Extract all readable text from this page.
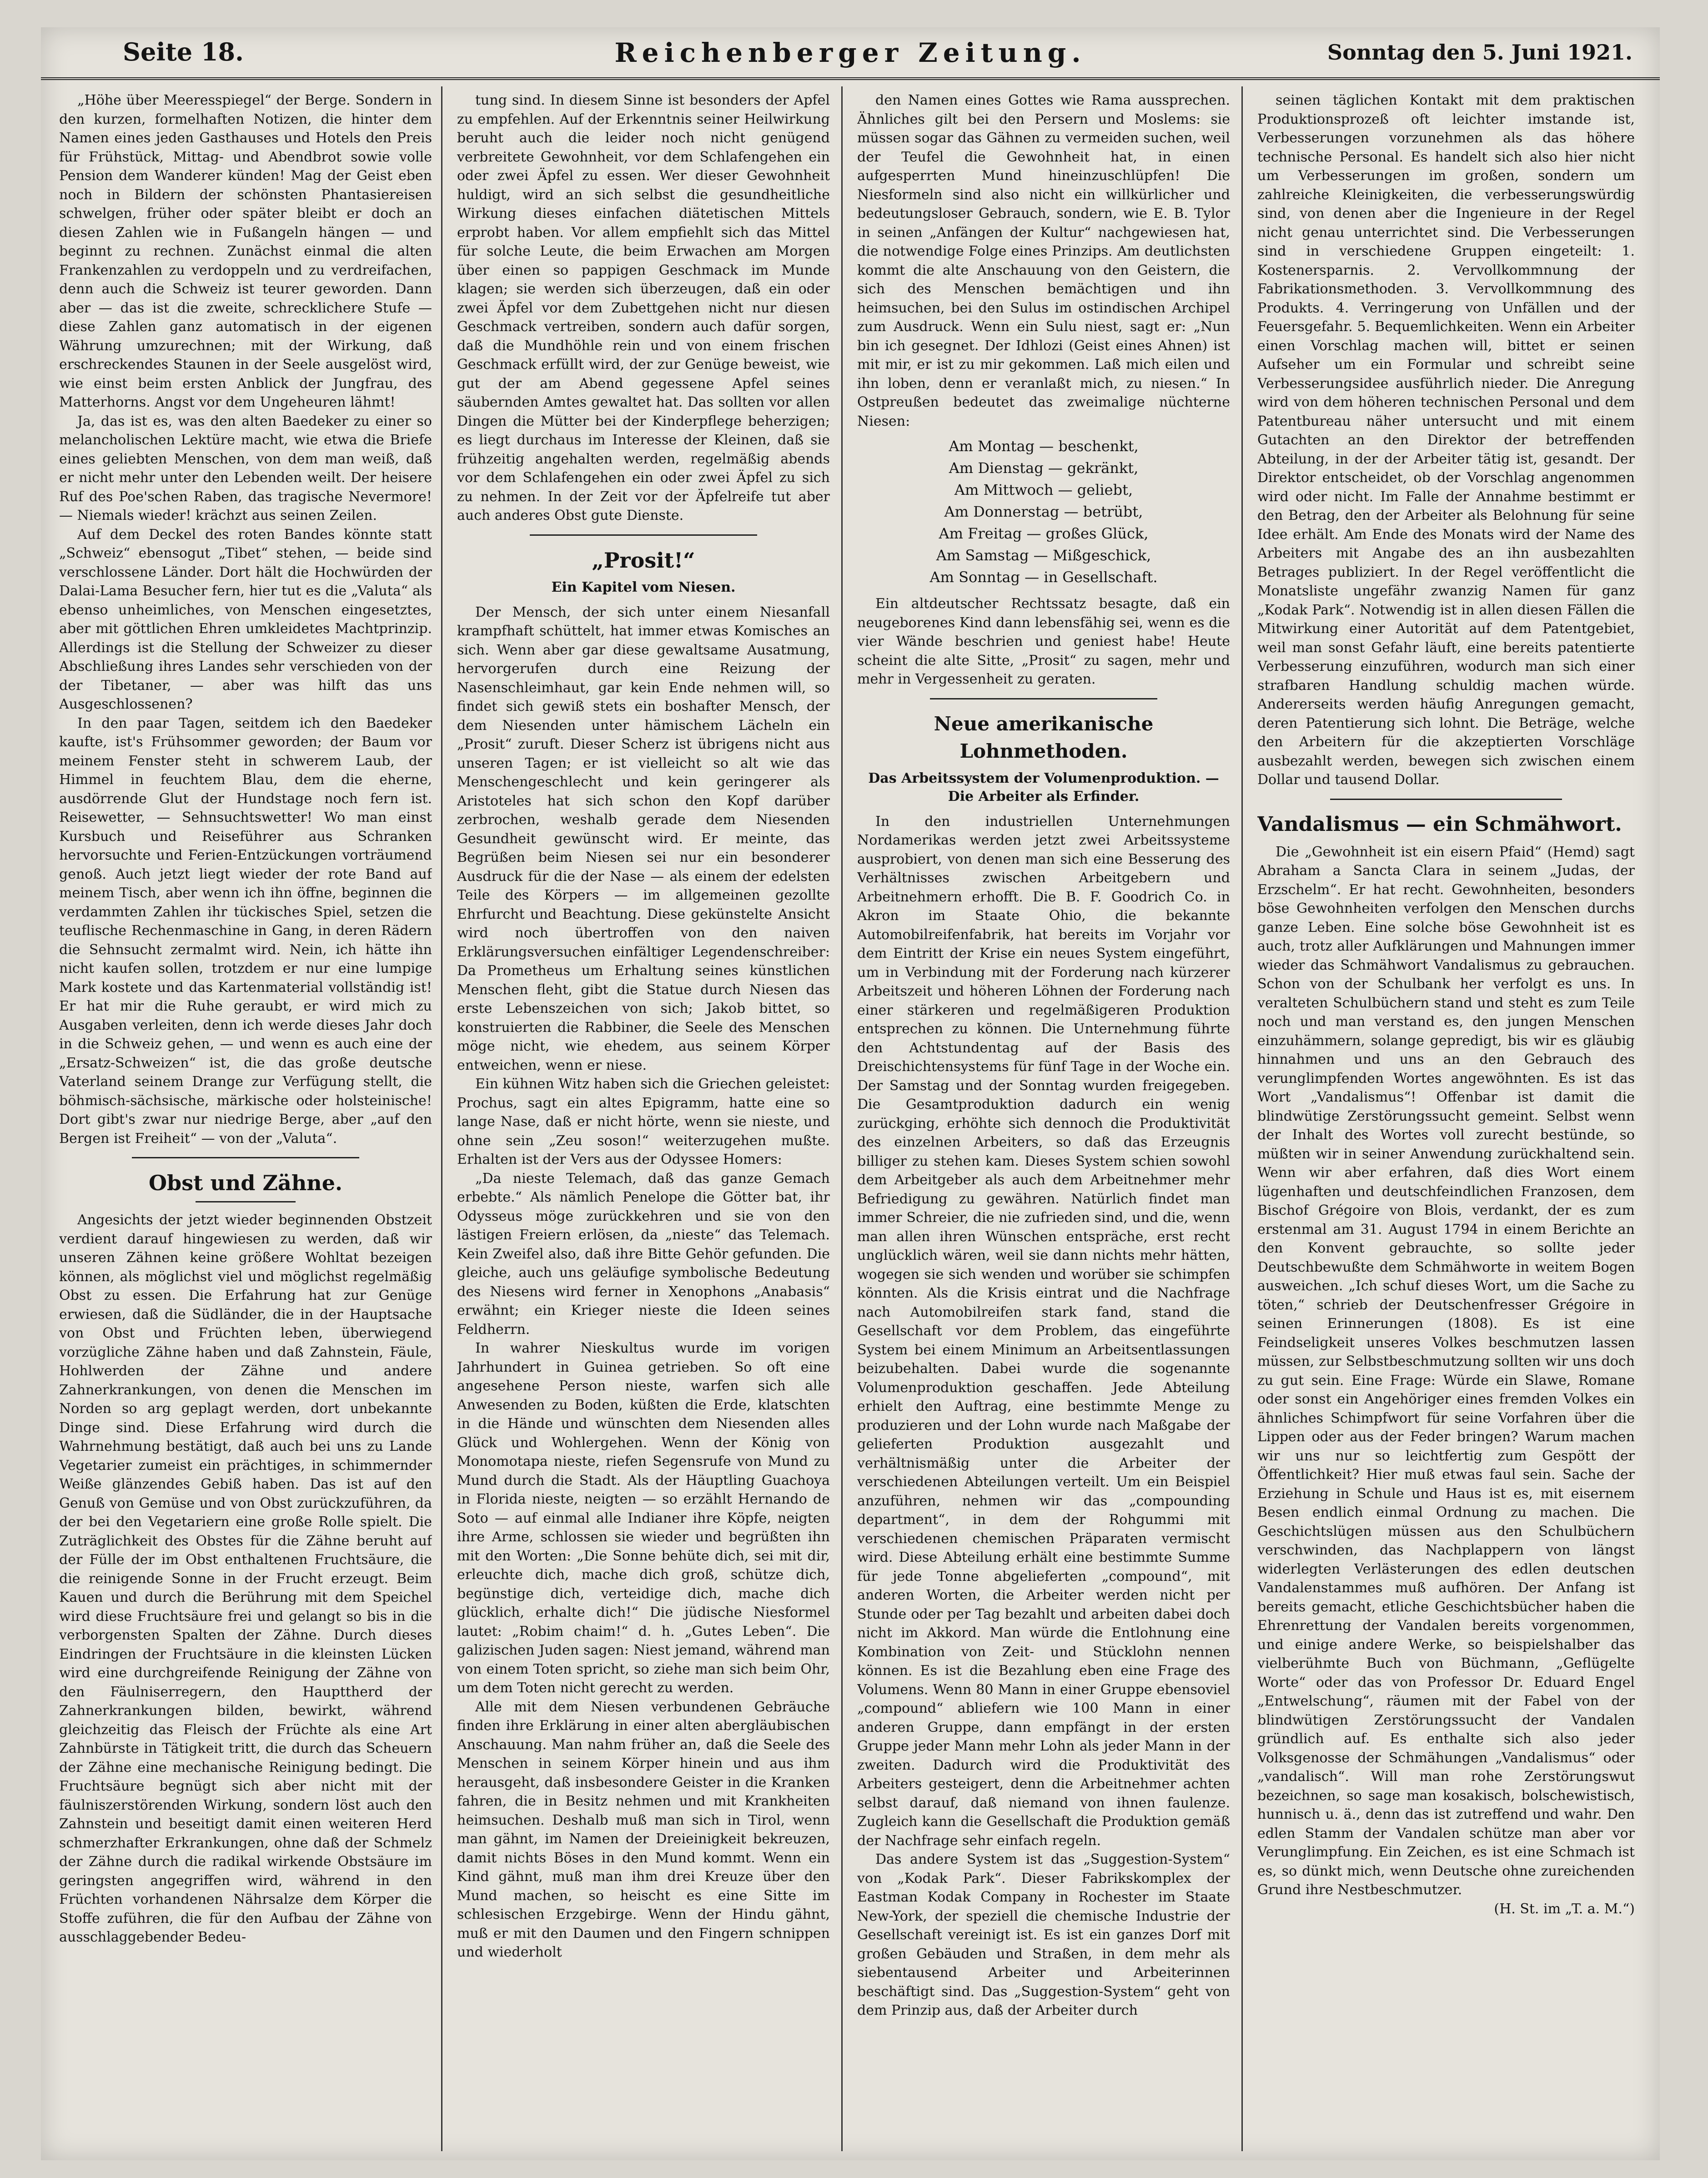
Seite 18.	Reichenberger Zeitung.	Sonntag den 5. Juni 1921.

„Höhe über Meeresspiegel“ der Berge. Sondern in den kurzen, formelhaften Notizen, die hinter dem Namen eines jeden Gasthauses und Hotels den Preis für Frühstück, Mittag- und Abendbrot sowie volle Pension dem Wanderer künden! Mag der Geist eben noch in Bildern der schönsten Phantasiereisen schwelgen, früher oder später bleibt er doch an diesen Zahlen wie in Fußangeln hängen — und beginnt zu rechnen. Zunächst einmal die alten Frankenzahlen zu verdoppeln und zu verdreifachen, denn auch die Schweiz ist teurer geworden. Dann aber — das ist die zweite, schrecklichere Stufe — diese Zahlen ganz automatisch in der eigenen Währung umzurechnen; mit der Wirkung, daß erschreckendes Staunen in der Seele ausgelöst wird, wie einst beim ersten Anblick der Jungfrau, des Matterhorns. Angst vor dem Ungeheuren lähmt!

Ja, das ist es, was den alten Baedeker zu einer so melancholischen Lektüre macht, wie etwa die Briefe eines geliebten Menschen, von dem man weiß, daß er nicht mehr unter den Lebenden weilt. Der heisere Ruf des Poe'schen Raben, das tragische Nevermore! — Niemals wieder! krächzt aus seinen Zeilen.

Auf dem Deckel des roten Bandes könnte statt „Schweiz“ ebensogut „Tibet“ stehen, — beide sind verschlossene Länder. Dort hält die Hochwürden der Dalai-Lama Besucher fern, hier tut es die „Valuta“ als ebenso unheimliches, von Menschen eingesetztes, aber mit göttlichen Ehren umkleidetes Machtprinzip. Allerdings ist die Stellung der Schweizer zu dieser Abschließung ihres Landes sehr verschieden von der der Tibetaner, — aber was hilft das uns Ausgeschlossenen?

In den paar Tagen, seitdem ich den Baedeker kaufte, ist's Frühsommer geworden; der Baum vor meinem Fenster steht in schwerem Laub, der Himmel in feuchtem Blau, dem die eherne, ausdörrende Glut der Hundstage noch fern ist. Reisewetter, — Sehnsuchtswetter! Wo man einst Kursbuch und Reiseführer aus Schranken hervorsuchte und Ferien-Entzückungen vorträumend genoß. Auch jetzt liegt wieder der rote Band auf meinem Tisch, aber wenn ich ihn öffne, beginnen die verdammten Zahlen ihr tückisches Spiel, setzen die teuflische Rechenmaschine in Gang, in deren Rädern die Sehnsucht zermalmt wird. Nein, ich hätte ihn nicht kaufen sollen, trotzdem er nur eine lumpige Mark kostete und das Kartenmaterial vollständig ist! Er hat mir die Ruhe geraubt, er wird mich zu Ausgaben verleiten, denn ich werde dieses Jahr doch in die Schweiz gehen, — und wenn es auch eine der „Ersatz-Schweizen“ ist, die das große deutsche Vaterland seinem Drange zur Verfügung stellt, die böhmisch-sächsische, märkische oder holsteinische! Dort gibt's zwar nur niedrige Berge, aber „auf den Bergen ist Freiheit“ — von der „Valuta“.

Obst und Zähne.

Angesichts der jetzt wieder beginnenden Obstzeit verdient darauf hingewiesen zu werden, daß wir unseren Zähnen keine größere Wohltat bezeigen können, als möglichst viel und möglichst regelmäßig Obst zu essen. Die Erfahrung hat zur Genüge erwiesen, daß die Südländer, die in der Hauptsache von Obst und Früchten leben, überwiegend vorzügliche Zähne haben und daß Zahnstein, Fäule, Hohlwerden der Zähne und andere Zahnerkrankungen, von denen die Menschen im Norden so arg geplagt werden, dort unbekannte Dinge sind. Diese Erfahrung wird durch die Wahrnehmung bestätigt, daß auch bei uns zu Lande Vegetarier zumeist ein prächtiges, in schimmernder Weiße glänzendes Gebiß haben. Das ist auf den Genuß von Gemüse und von Obst zurückzuführen, da der bei den Vegetariern eine große Rolle spielt. Die Zuträglichkeit des Obstes für die Zähne beruht auf der Fülle der im Obst enthaltenen Fruchtsäure, die die reinigende Sonne in der Frucht erzeugt. Beim Kauen und durch die Berührung mit dem Speichel wird diese Fruchtsäure frei und gelangt so bis in die verborgensten Spalten der Zähne. Durch dieses Eindringen der Fruchtsäure in die kleinsten Lücken wird eine durchgreifende Reinigung der Zähne von den Fäulniserregern, den Haupttherd der Zahnerkrankungen bilden, bewirkt, während gleichzeitig das Fleisch der Früchte als eine Art Zahnbürste in Tätigkeit tritt, die durch das Scheuern der Zähne eine mechanische Reinigung bedingt. Die Fruchtsäure begnügt sich aber nicht mit der fäulniszerstörenden Wirkung, sondern löst auch den Zahnstein und beseitigt damit einen weiteren Herd schmerzhafter Erkrankungen, ohne daß der Schmelz der Zähne durch die radikal wirkende Obstsäure im geringsten angegriffen wird, während in den Früchten vorhandenen Nährsalze dem Körper die Stoffe zuführen, die für den Aufbau der Zähne von ausschlaggebender Bedeu-

tung sind. In diesem Sinne ist besonders der Apfel zu empfehlen. Auf der Erkenntnis seiner Heilwirkung beruht auch die leider noch nicht genügend verbreitete Gewohnheit, vor dem Schlafengehen ein oder zwei Äpfel zu essen. Wer dieser Gewohnheit huldigt, wird an sich selbst die gesundheitliche Wirkung dieses einfachen diätetischen Mittels erprobt haben. Vor allem empfiehlt sich das Mittel für solche Leute, die beim Erwachen am Morgen über einen so pappigen Geschmack im Munde klagen; sie werden sich überzeugen, daß ein oder zwei Äpfel vor dem Zubettgehen nicht nur diesen Geschmack vertreiben, sondern auch dafür sorgen, daß die Mundhöhle rein und von einem frischen Geschmack erfüllt wird, der zur Genüge beweist, wie gut der am Abend gegessene Apfel seines säubernden Amtes gewaltet hat. Das sollten vor allen Dingen die Mütter bei der Kinderpflege beherzigen; es liegt durchaus im Interesse der Kleinen, daß sie frühzeitig angehalten werden, regelmäßig abends vor dem Schlafengehen ein oder zwei Äpfel zu sich zu nehmen. In der Zeit vor der Äpfelreife tut aber auch anderes Obst gute Dienste.

„Prosit!“
Ein Kapitel vom Niesen.

Der Mensch, der sich unter einem Niesanfall krampfhaft schüttelt, hat immer etwas Komisches an sich. Wenn aber gar diese gewaltsame Ausatmung, hervorgerufen durch eine Reizung der Nasenschleimhaut, gar kein Ende nehmen will, so findet sich gewiß stets ein boshafter Mensch, der dem Niesenden unter hämischem Lächeln ein „Prosit“ zuruft. Dieser Scherz ist übrigens nicht aus unseren Tagen; er ist vielleicht so alt wie das Menschengeschlecht und kein geringerer als Aristoteles hat sich schon den Kopf darüber zerbrochen, weshalb gerade dem Niesenden Gesundheit gewünscht wird. Er meinte, das Begrüßen beim Niesen sei nur ein besonderer Ausdruck für die der Nase — als einem der edelsten Teile des Körpers — im allgemeinen gezollte Ehrfurcht und Beachtung. Diese gekünstelte Ansicht wird noch übertroffen von den naiven Erklärungsversuchen einfältiger Legendenschreiber: Da Prometheus um Erhaltung seines künstlichen Menschen fleht, gibt die Statue durch Niesen das erste Lebenszeichen von sich; Jakob bittet, so konstruierten die Rabbiner, die Seele des Menschen möge nicht, wie ehedem, aus seinem Körper entweichen, wenn er niese.

Ein kühnen Witz haben sich die Griechen geleistet: Prochus, sagt ein altes Epigramm, hatte eine so lange Nase, daß er nicht hörte, wenn sie nieste, und ohne sein „Zeu soson!“ weiterzugehen mußte. Erhalten ist der Vers aus der Odyssee Homers:

„Da nieste Telemach, daß das ganze Gemach erbebte.“ Als nämlich Penelope die Götter bat, ihr Odysseus möge zurückkehren und sie von den lästigen Freiern erlösen, da „nieste“ das Telemach. Kein Zweifel also, daß ihre Bitte Gehör gefunden. Die gleiche, auch uns geläufige symbolische Bedeutung des Niesens wird ferner in Xenophons „Anabasis“ erwähnt; ein Krieger nieste die Ideen seines Feldherrn.

In wahrer Nieskultus wurde im vorigen Jahrhundert in Guinea getrieben. So oft eine angesehene Person nieste, warfen sich alle Anwesenden zu Boden, küßten die Erde, klatschten in die Hände und wünschten dem Niesenden alles Glück und Wohlergehen. Wenn der König von Monomotapa nieste, riefen Segensrufe von Mund zu Mund durch die Stadt. Als der Häuptling Guachoya in Florida nieste, neigten — so erzählt Hernando de Soto — auf einmal alle Indianer ihre Köpfe, neigten ihre Arme, schlossen sie wieder und begrüßten ihn mit den Worten: „Die Sonne behüte dich, sei mit dir, erleuchte dich, mache dich groß, schütze dich, begünstige dich, verteidige dich, mache dich glücklich, erhalte dich!“ Die jüdische Niesformel lautet: „Robim chaim!“ d. h. „Gutes Leben“. Die galizischen Juden sagen: Niest jemand, während man von einem Toten spricht, so ziehe man sich beim Ohr, um dem Toten nicht gerecht zu werden.

Alle mit dem Niesen verbundenen Gebräuche finden ihre Erklärung in einer alten abergläubischen Anschauung. Man nahm früher an, daß die Seele des Menschen in seinem Körper hinein und aus ihm herausgeht, daß insbesondere Geister in die Kranken fahren, die in Besitz nehmen und mit Krankheiten heimsuchen. Deshalb muß man sich in Tirol, wenn man gähnt, im Namen der Dreieinigkeit bekreuzen, damit nichts Böses in den Mund kommt. Wenn ein Kind gähnt, muß man ihm drei Kreuze über den Mund machen, so heischt es eine Sitte im schlesischen Erzgebirge. Wenn der Hindu gähnt, muß er mit den Daumen und den Fingern schnippen und wiederholt

den Namen eines Gottes wie Rama aussprechen. Ähnliches gilt bei den Persern und Moslems: sie müssen sogar das Gähnen zu vermeiden suchen, weil der Teufel die Gewohnheit hat, in einen aufgesperrten Mund hineinzuschlüpfen! Die Niesformeln sind also nicht ein willkürlicher und bedeutungsloser Gebrauch, sondern, wie E. B. Tylor in seinen „Anfängen der Kultur“ nachgewiesen hat, die notwendige Folge eines Prinzips. Am deutlichsten kommt die alte Anschauung von den Geistern, die sich des Menschen bemächtigen und ihn heimsuchen, bei den Sulus im ostindischen Archipel zum Ausdruck. Wenn ein Sulu niest, sagt er: „Nun bin ich gesegnet. Der Idhlozi (Geist eines Ahnen) ist mit mir, er ist zu mir gekommen. Laß mich eilen und ihn loben, denn er veranlaßt mich, zu niesen.“ In Ostpreußen bedeutet das zweimalige nüchterne Niesen:

Am Montag — beschenkt,

Am Dienstag — gekränkt,

Am Mittwoch — geliebt,

Am Donnerstag — betrübt,

Am Freitag — großes Glück,

Am Samstag — Mißgeschick,

Am Sonntag — in Gesellschaft.

Ein altdeutscher Rechtssatz besagte, daß ein neugeborenes Kind dann lebensfähig sei, wenn es die vier Wände beschrien und geniest habe! Heute scheint die alte Sitte, „Prosit“ zu sagen, mehr und mehr in Vergessenheit zu geraten.

Neue amerikanische Lohnmethoden.
Das Arbeitssystem der Volumenproduktion. — Die Arbeiter als Erfinder.

In den industriellen Unternehmungen Nordamerikas werden jetzt zwei Arbeitssysteme ausprobiert, von denen man sich eine Besserung des Verhältnisses zwischen Arbeitgebern und Arbeitnehmern erhofft. Die B. F. Goodrich Co. in Akron im Staate Ohio, die bekannte Automobilreifenfabrik, hat bereits im Vorjahr vor dem Eintritt der Krise ein neues System eingeführt, um in Verbindung mit der Forderung nach kürzerer Arbeitszeit und höheren Löhnen der Forderung nach einer stärkeren und regelmäßigeren Produktion entsprechen zu können. Die Unternehmung führte den Achtstundentag auf der Basis des Dreischichtensystems für fünf Tage in der Woche ein. Der Samstag und der Sonntag wurden freigegeben. Die Gesamtproduktion dadurch ein wenig zurückging, erhöhte sich dennoch die Produktivität des einzelnen Arbeiters, so daß das Erzeugnis billiger zu stehen kam. Dieses System schien sowohl dem Arbeitgeber als auch dem Arbeitnehmer mehr Befriedigung zu gewähren. Natürlich findet man immer Schreier, die nie zufrieden sind, und die, wenn man allen ihren Wünschen entspräche, erst recht unglücklich wären, weil sie dann nichts mehr hätten, wogegen sie sich wenden und worüber sie schimpfen könnten. Als die Krisis eintrat und die Nachfrage nach Automobilreifen stark fand, stand die Gesellschaft vor dem Problem, das eingeführte System bei einem Minimum an Arbeitsentlassungen beizubehalten. Dabei wurde die sogenannte Volumenproduktion geschaffen. Jede Abteilung erhielt den Auftrag, eine bestimmte Menge zu produzieren und der Lohn wurde nach Maßgabe der gelieferten Produktion ausgezahlt und verhältnismäßig unter die Arbeiter der verschiedenen Abteilungen verteilt. Um ein Beispiel anzuführen, nehmen wir das „compounding department“, in dem der Rohgummi mit verschiedenen chemischen Präparaten vermischt wird. Diese Abteilung erhält eine bestimmte Summe für jede Tonne abgelieferten „compound“, mit anderen Worten, die Arbeiter werden nicht per Stunde oder per Tag bezahlt und arbeiten dabei doch nicht im Akkord. Man würde die Entlohnung eine Kombination von Zeit- und Stücklohn nennen können. Es ist die Bezahlung eben eine Frage des Volumens. Wenn 80 Mann in einer Gruppe ebensoviel „compound“ abliefern wie 100 Mann in einer anderen Gruppe, dann empfängt in der ersten Gruppe jeder Mann mehr Lohn als jeder Mann in der zweiten. Dadurch wird die Produktivität des Arbeiters gesteigert, denn die Arbeitnehmer achten selbst darauf, daß niemand von ihnen faulenze. Zugleich kann die Gesellschaft die Produktion gemäß der Nachfrage sehr einfach regeln.

Das andere System ist das „Suggestion-System“ von „Kodak Park“. Dieser Fabrikskomplex der Eastman Kodak Company in Rochester im Staate New-York, der speziell die chemische Industrie der Gesellschaft vereinigt ist. Es ist ein ganzes Dorf mit großen Gebäuden und Straßen, in dem mehr als siebentausend Arbeiter und Arbeiterinnen beschäftigt sind. Das „Suggestion-System“ geht von dem Prinzip aus, daß der Arbeiter durch

seinen täglichen Kontakt mit dem praktischen Produktionsprozeß oft leichter imstande ist, Verbesserungen vorzunehmen als das höhere technische Personal. Es handelt sich also hier nicht um Verbesserungen im großen, sondern um zahlreiche Kleinigkeiten, die verbesserungswürdig sind, von denen aber die Ingenieure in der Regel nicht genau unterrichtet sind. Die Verbesserungen sind in verschiedene Gruppen eingeteilt: 1. Kostenersparnis. 2. Vervollkommnung der Fabrikationsmethoden. 3. Vervollkommnung des Produkts. 4. Verringerung von Unfällen und der Feuersgefahr. 5. Bequemlichkeiten. Wenn ein Arbeiter einen Vorschlag machen will, bittet er seinen Aufseher um ein Formular und schreibt seine Verbesserungsidee ausführlich nieder. Die Anregung wird von dem höheren technischen Personal und dem Patentbureau näher untersucht und mit einem Gutachten an den Direktor der betreffenden Abteilung, in der der Arbeiter tätig ist, gesandt. Der Direktor entscheidet, ob der Vorschlag angenommen wird oder nicht. Im Falle der Annahme bestimmt er den Betrag, den der Arbeiter als Belohnung für seine Idee erhält. Am Ende des Monats wird der Name des Arbeiters mit Angabe des an ihn ausbezahlten Betrages publiziert. In der Regel veröffentlicht die Monatsliste ungefähr zwanzig Namen für ganz „Kodak Park“. Notwendig ist in allen diesen Fällen die Mitwirkung einer Autorität auf dem Patentgebiet, weil man sonst Gefahr läuft, eine bereits patentierte Verbesserung einzuführen, wodurch man sich einer strafbaren Handlung schuldig machen würde. Andererseits werden häufig Anregungen gemacht, deren Patentierung sich lohnt. Die Beträge, welche den Arbeitern für die akzeptierten Vorschläge ausbezahlt werden, bewegen sich zwischen einem Dollar und tausend Dollar.

Vandalismus — ein Schmähwort.

Die „Gewohnheit ist ein eisern Pfaid“ (Hemd) sagt Abraham a Sancta Clara in seinem „Judas, der Erzschelm“. Er hat recht. Gewohnheiten, besonders böse Gewohnheiten verfolgen den Menschen durchs ganze Leben. Eine solche böse Gewohnheit ist es auch, trotz aller Aufklärungen und Mahnungen immer wieder das Schmähwort Vandalismus zu gebrauchen. Schon von der Schulbank her verfolgt es uns. In veralteten Schulbüchern stand und steht es zum Teile noch und man verstand es, den jungen Menschen einzuhämmern, solange gepredigt, bis wir es gläubig hinnahmen und uns an den Gebrauch des verunglimpfenden Wortes angewöhnten. Es ist das Wort „Vandalismus“! Offenbar ist damit die blindwütige Zerstörungssucht gemeint. Selbst wenn der Inhalt des Wortes voll zurecht bestünde, so müßten wir in seiner Anwendung zurückhaltend sein. Wenn wir aber erfahren, daß dies Wort einem lügenhaften und deutschfeindlichen Franzosen, dem Bischof Grégoire von Blois, verdankt, der es zum erstenmal am 31. August 1794 in einem Berichte an den Konvent gebrauchte, so sollte jeder Deutschbewußte dem Schmähworte in weitem Bogen ausweichen. „Ich schuf dieses Wort, um die Sache zu töten,“ schrieb der Deutschenfresser Grégoire in seinen Erinnerungen (1808). Es ist eine Feindseligkeit unseres Volkes beschmutzen lassen müssen, zur Selbstbeschmutzung sollten wir uns doch zu gut sein. Eine Frage: Würde ein Slawe, Romane oder sonst ein Angehöriger eines fremden Volkes ein ähnliches Schimpfwort für seine Vorfahren über die Lippen oder aus der Feder bringen? Warum machen wir uns nur so leichtfertig zum Gespött der Öffentlichkeit? Hier muß etwas faul sein. Sache der Erziehung in Schule und Haus ist es, mit eisernem Besen endlich einmal Ordnung zu machen. Die Geschichtslügen müssen aus den Schulbüchern verschwinden, das Nachplappern von längst widerlegten Verlästerungen des edlen deutschen Vandalenstammes muß aufhören. Der Anfang ist bereits gemacht, etliche Geschichtsbücher haben die Ehrenrettung der Vandalen bereits vorgenommen, und einige andere Werke, so beispielshalber das vielberühmte Buch von Büchmann, „Geflügelte Worte“ oder das von Professor Dr. Eduard Engel „Entwelschung“, räumen mit der Fabel von der blindwütigen Zerstörungssucht der Vandalen gründlich auf. Es enthalte sich also jeder Volksgenosse der Schmähungen „Vandalismus“ oder „vandalisch“. Will man rohe Zerstörungswut bezeichnen, so sage man kosakisch, bolschewistisch, hunnisch u. ä., denn das ist zutreffend und wahr. Den edlen Stamm der Vandalen schütze man aber vor Verunglimpfung. Ein Zeichen, es ist eine Schmach ist es, so dünkt mich, wenn Deutsche ohne zureichenden Grund ihre Nestbeschmutzer.

(H. St. im „T. a. M.“)
